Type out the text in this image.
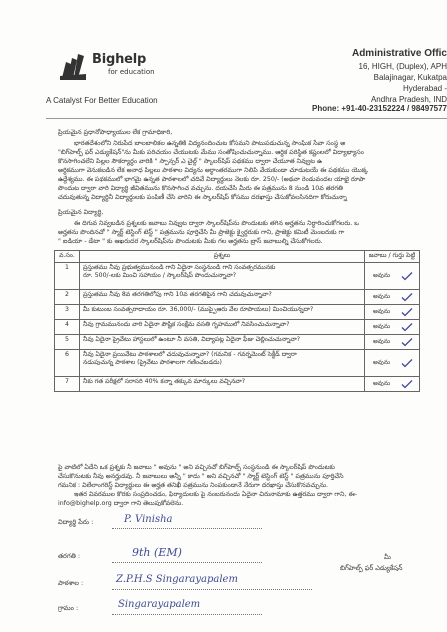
Bighelp
for education
A Catalyst For Better Education
Administrative Offic
16, HIGH, (Duplex), APH
Balajinagar, Kukatpa
Hyderabad -
Andhra Pradesh, IND
Phone: +91-40-23152224 / 98497577
ప్రియమైన ప్రధానోపాధ్యాయుల లేక గ్రామాధికారి,
భారతదేశంలోని నిరుపేద బాలబాలికల ఉన్నతికి విద్యనందించుట కోసమని పాటుపడుచున్న సాంఘిక సేవా సంస్థ అ
"బిగ్‌హెల్ప్ ఫర్ ఎడ్యుకేషన్"ను మీకు పరిచయం చేయుటకు మేము సంతోషించుచున్నాము. ఆర్థిక పరిస్థిత కష్టంలలో విద్యాభ్యాసం
కొనసాగించలేని పిల్లల సౌకర్యార్థం వారికి " స్పాన్సర్ ఎ చైల్డ్ " స్కాలర్‌షిప్ పథకము ద్వారా చేయూత నివ్వుట ఉ
అర్థికముగా వెనుకబడిన లేక అనాధ పిల్లలు పాఠశాల విద్యను అర్థాంతరముగా నిలిపి వేయకుండా చూడుటయే ఈ పథకము యొక్క
ఉద్దేశ్యము. ఈ పథకములో భాగమై ఉన్నత పాఠశాలలో చదివే విద్యార్థులు నెలకు రూ. 250/- (అథవా రెండువందల యాభై రూపా
పొందుట ద్వారా వారి విద్యార్థి జీవితమును కొనసాగించ వచ్చును. దయచేసి మీరు ఈ పత్రమును 8 నుండి 10వ తరగతి
చదువుతున్న విద్యార్థినీ విద్యార్థులకు పంపిణీ చేసి వారిని ఈ స్కాలర్‌షిప్ కోసము దరఖాస్తు చేసుకోవలసినదిగా కోరుచున్నా
ప్రియమైన విద్యార్థి,
ఈ దిగువ నివ్వబడిన ప్రశ్నలకు జవాబు నివ్వుట ద్వారా స్కాలర్‌షిప్‌ను పొందుటకు తగిన అర్హతను నిర్ధారించుకోగలరు. ఒ
అర్హతను పొందినచో " స్మార్ట్ టెస్టింగ్ టెస్ట్ " పత్రమును పూర్తిచేసి మీ ప్రాజెక్టు క్వైర్డరుకు గాని, ప్రాజెక్టు కమిటీ మెంబరుకు గా
" ఐడియా - డేటా " కు ఆఖరుదర స్కాలర్‌షిప్‌ను పొందుటకు మీకు గల అర్హతను బ్రాస్ జవాబుల్ని చేసుకోగలరు.
వ.సం.	ప్రశ్నలు	జవాబు / గుర్తు పెట్టి
1	ప్రస్తుతము నీవు ప్రభుత్వమునుండి గాని ఏదైనా సంస్థనుండి గాని సంవత్సరమునకు
రూ. 500/-లకు మించి సహాయం / స్కాలర్‌షిప్ పొందుచున్నావా?	అవును

2	ప్రస్తుతము నీవు 8వ తరగతిలోపు గాని 10వ తరగతిపైన గాని చదువుచున్నావా?	అవును

3	మీ కుటుంబ సంవత్సరాదాయం రూ. 36,000/- (ముప్పైఆరు వేల రూపాయలు) మించియున్నదా?	అవును

4	నీవు గ్రామమునందు వారి ఏదైనా పౌష్టిక సంక్షేమ వసతి గృహములో నివసించుచున్నావా?	అవును

5	నీవు ఏదైనా ప్రైవేటు హాస్టలులో ఉంటూ నీ వసతి, విద్యాపట్ల ఏదైనా ఫీజు చెల్లించుచున్నావా?	అవును

6	నీవు ఏదైనా ప్రయివేటు పాఠశాలలో చదువుచున్నావా? (గమనిక - గవర్నమెంట్ సెక్టీడ్ ద్వారా
నడుపుచున్న పాఠశాల (ప్రైవేటు పాఠశాలగా గణించబడదు)	అవును

7	నీకు గత పరీక్షలో సరాసరి 40% కన్నా తక్కువ మార్కులు వచ్చినవా?	అవును
పై వాటిలో ఏదేని ఒక ప్రశ్నకు నీ జవాబు " అవును " అని వచ్చినచో బిగ్‌హెల్ప్ సంస్థనుండి ఈ స్కాలర్‌షిప్ పొందుటకు
చేసుకొనుటకు నీవు అనర్హుడవు. నీ జవాబులు అన్నీ " కాదు " అని వచ్చినచో " స్మార్ట్ టెస్టింగ్ టెస్ట్ " పత్రమును పూర్తిచేసి
గమనిక : విలేలాంగరిస్ట్ విద్యార్థులు ఈ అర్హత తనిఖీ పత్రమును నింపకుండానే నేరుగా దరఖాస్తు చేసుకొనవచ్చును.
ఇతర వివరముల కొరకు సంప్రదించడం, ఫిర్యాదులకు పై నంబరునందు ఏదైనా చిరునామాకు ఉత్తరము ద్వారా గాని, ఈ-
info@bighelp.org ద్వారా గాని తెలుపుకోవలెను.
విద్యార్థి పేరు :	P. Vinisha
తరగతి :	9th (EM)
పాఠశాల :	Z.P.H.S Singarayapalem
గ్రామం :	Singarayapalem
మీ
బిగ్‌హెల్ప్ ఫర్ ఎడ్యుకేషన్
